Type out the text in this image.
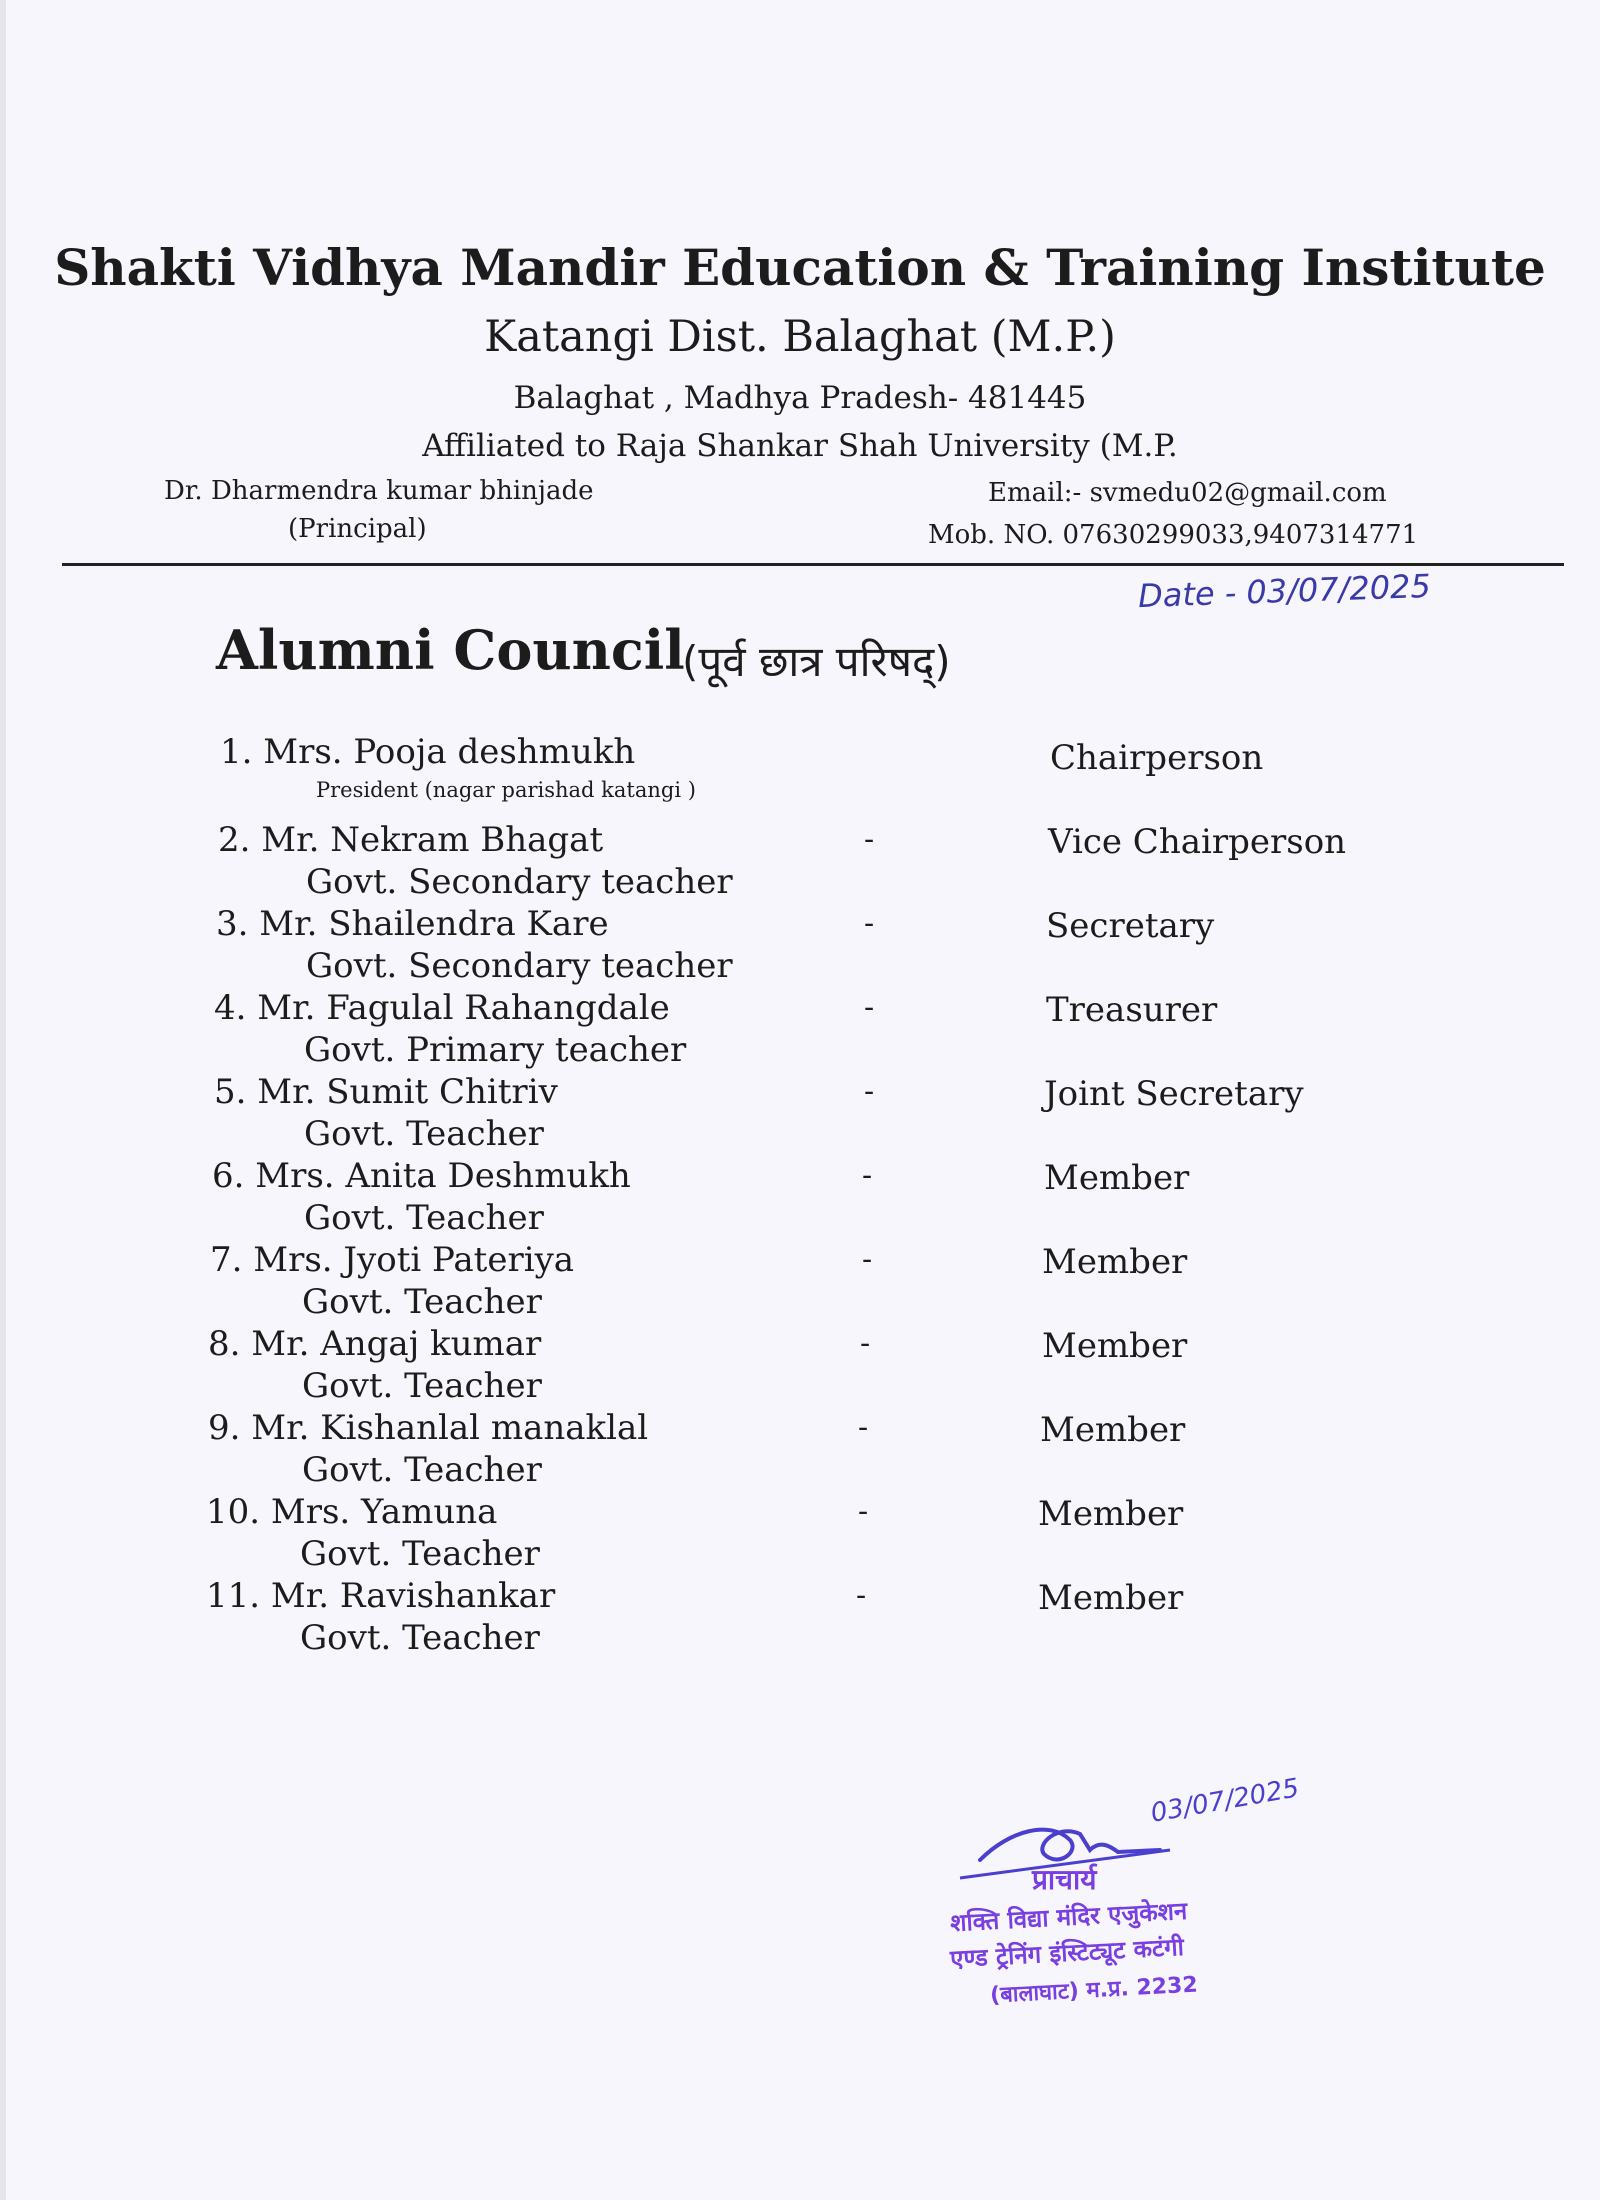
Shakti Vidhya Mandir Education & Training Institute
Katangi Dist. Balaghat (M.P.)
Balaghat , Madhya Pradesh- 481445
Affiliated to Raja Shankar Shah University (M.P.
Dr. Dharmendra kumar bhinjade
(Principal)
Email:- svmedu02@gmail.com
Mob. NO. 07630299033,9407314771
Date - 03/07/2025
Alumni Council
(पूर्व छात्र परिषद्)
1. Mrs. Pooja deshmukh
President (nagar parishad katangi )
Chairperson
2. Mr. Nekram Bhagat
Govt. Secondary teacher
-	Vice Chairperson
3. Mr. Shailendra Kare
Govt. Secondary teacher
-	Secretary
4. Mr. Fagulal Rahangdale
Govt. Primary teacher
-	Treasurer
5. Mr. Sumit Chitriv
Govt. Teacher
-	Joint Secretary
6. Mrs. Anita Deshmukh
Govt. Teacher
-	Member
7. Mrs. Jyoti Pateriya
Govt. Teacher
-	Member
8. Mr. Angaj kumar
Govt. Teacher
-	Member
9. Mr. Kishanlal manaklal
Govt. Teacher
-	Member
10. Mrs. Yamuna
Govt. Teacher
-	Member
11. Mr. Ravishankar
Govt. Teacher
-	Member
03/07/2025
प्राचार्य
शक्ति विद्या मंदिर एजुकेशन
एण्ड ट्रेनिंग इंस्टिट्यूट कटंगी
(बालाघाट) म.प्र. 2232
